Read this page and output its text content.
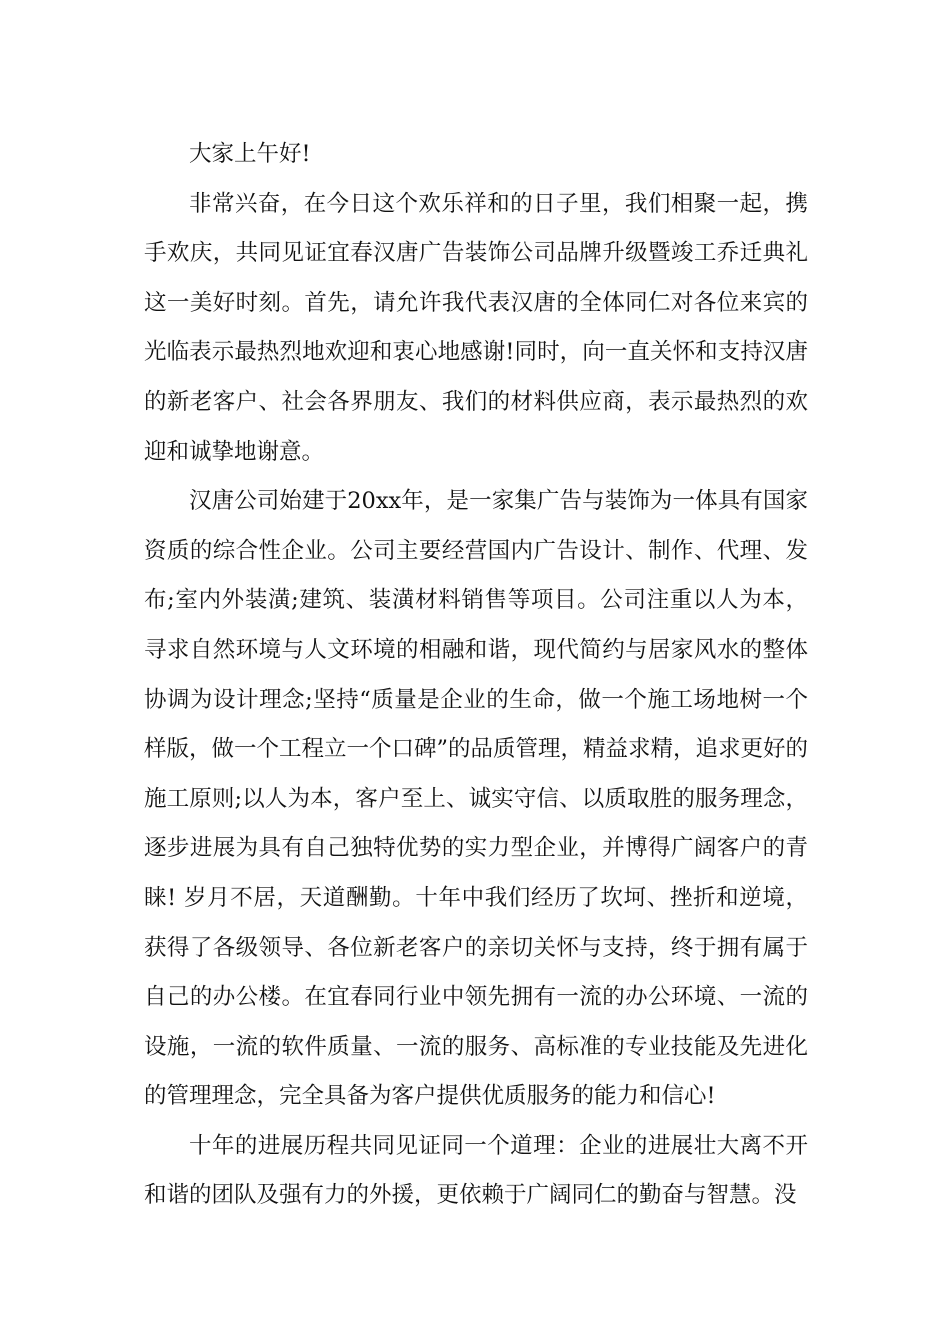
大家上午好!

非常兴奋，在今日这个欢乐祥和的日子里，我们相聚一起，携手欢庆，共同见证宜春汉唐广告装饰公司品牌升级暨竣工乔迁典礼这一美好时刻。首先，请允许我代表汉唐的全体同仁对各位来宾的光临表示最热烈地欢迎和衷心地感谢!同时，向一直关怀和支持汉唐的新老客户、社会各界朋友、我们的材料供应商，表示最热烈的欢迎和诚挚地谢意。

汉唐公司始建于20xx年，是一家集广告与装饰为一体具有国家资质的综合性企业。公司主要经营国内广告设计、制作、代理、发布;室内外装潢;建筑、装潢材料销售等项目。公司注重以人为本，寻求自然环境与人文环境的相融和谐，现代简约与居家风水的整体协调为设计理念;坚持“质量是企业的生命，做一个施工场地树一个样版，做一个工程立一个口碑”的品质管理，精益求精，追求更好的施工原则;以人为本，客户至上、诚实守信、以质取胜的服务理念，逐步进展为具有自己独特优势的实力型企业，并博得广阔客户的青睐! 岁月不居，天道酬勤。十年中我们经历了坎坷、挫折和逆境，获得了各级领导、各位新老客户的亲切关怀与支持，终于拥有属于自己的办公楼。在宜春同行业中领先拥有一流的办公环境、一流的设施，一流的软件质量、一流的服务、高标准的专业技能及先进化的管理理念，完全具备为客户提供优质服务的能力和信心!

十年的进展历程共同见证同一个道理：企业的进展壮大离不开和谐的团队及强有力的外援，更依赖于广阔同仁的勤奋与智慧。没
